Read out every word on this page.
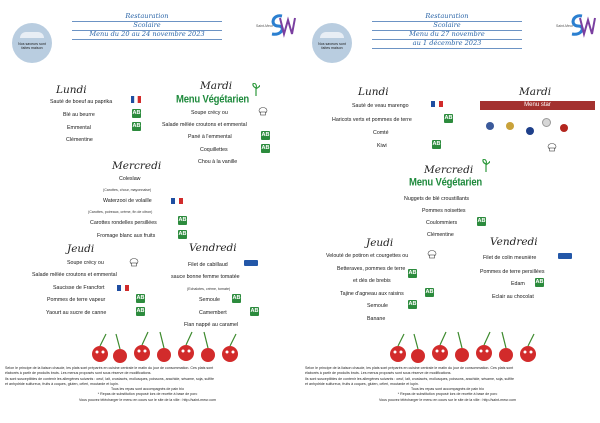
Nos saveurs sont faites maison
Restauration
Scolaire
Menu du 20 au 24 novembre 2023
Saint-Meur
Lundi
Sauté de boeuf au paprika
Blé au beurre	AB
Emmental	AB
Clémentine
Mardi
Menu Végétarien
Soupe crécy ou
Salade mêlée croutons et emmental
Pané à l'emmental	AB
Coquillettes	AB
Chou à la vanille
Mercredi
Coleslaw
(Carottes, chour, mayonnaise)
Waterzooi de volaille
(Carottes, poireaux, crème, fin de citron)
Carottes rondelles persillées	AB
Fromage blanc aux fruits	AB
Jeudi
Soupe crécy ou
Salade mêlée croutons et emmental
Saucisse de Francfort
Pommes de terre vapeur	AB
Yaourt au sucre de canne	AB
Vendredi
Filet de cabillaud
sauce bonne femme tomatée
(Echalotes, crème, tomate)
Semoule AB
Camembert	AB
Flan nappé au caramel
Selon le principe de la liaison chaude, les plats sont préparés en cuisine centrale le matin du jour de consommation. Ces plats sont
élaborés à partir de produits bruts. Les menus proposés sont sous réserve de modifications.
Ils sont susceptibles de contenir les allergènes suivants : oeuf, lait, crustacés, mollusques, poissons, arachide, sésame, soja, sulfite
et anhydride sulfureux, fruits à coques, gluten, céleri, moutarde et lupin.
Tous les repas sont accompagnés de pain bio
* Repas de substitution proposé lors de recette à base de porc
Vous pouvez télécharger le menu en cours sur le site de la ville : http://saint-meur.com
Nos saveurs sont faites maison
Restauration
Scolaire
Menu du 27 novembre
au 1 décembre 2023
Saint-Meur
Lundi
Sauté de veau marengo
Haricots verts et pommes de terre	AB
Comté
Kiwi	AB
Mardi
Menu star
Mercredi
Menu Végétarien
Nuggets de blé croustillants
Pommes noisettes
Coulommiers	AB
Clémentine
Jeudi
Velouté de potiron et courgettes ou
Betteraves, pommes de terre
AB
et dés de brebis
Tajine d'agneau aux raisins	AB
Semoule	AB
Banane
Vendredi
Filet de colin meunière
Pommes de terre persillées
Edam AB
Eclair au chocolat
Selon le principe de la liaison chaude, les plats sont préparés en cuisine centrale le matin du jour de consommation. Ces plats sont
élaborés à partir de produits bruts. Les menus proposés sont sous réserve de modifications.
Ils sont susceptibles de contenir les allergènes suivants : oeuf, lait, crustacés, mollusques, poissons, arachide, sésame, soja, sulfite
et anhydride sulfureux, fruits à coques, gluten, céleri, moutarde et lupin.
Tous les repas sont accompagnés de pain bio
* Repas de substitution proposé lors de recette à base de porc
Vous pouvez télécharger le menu en cours sur le site de la ville : http://saint-meur.com
